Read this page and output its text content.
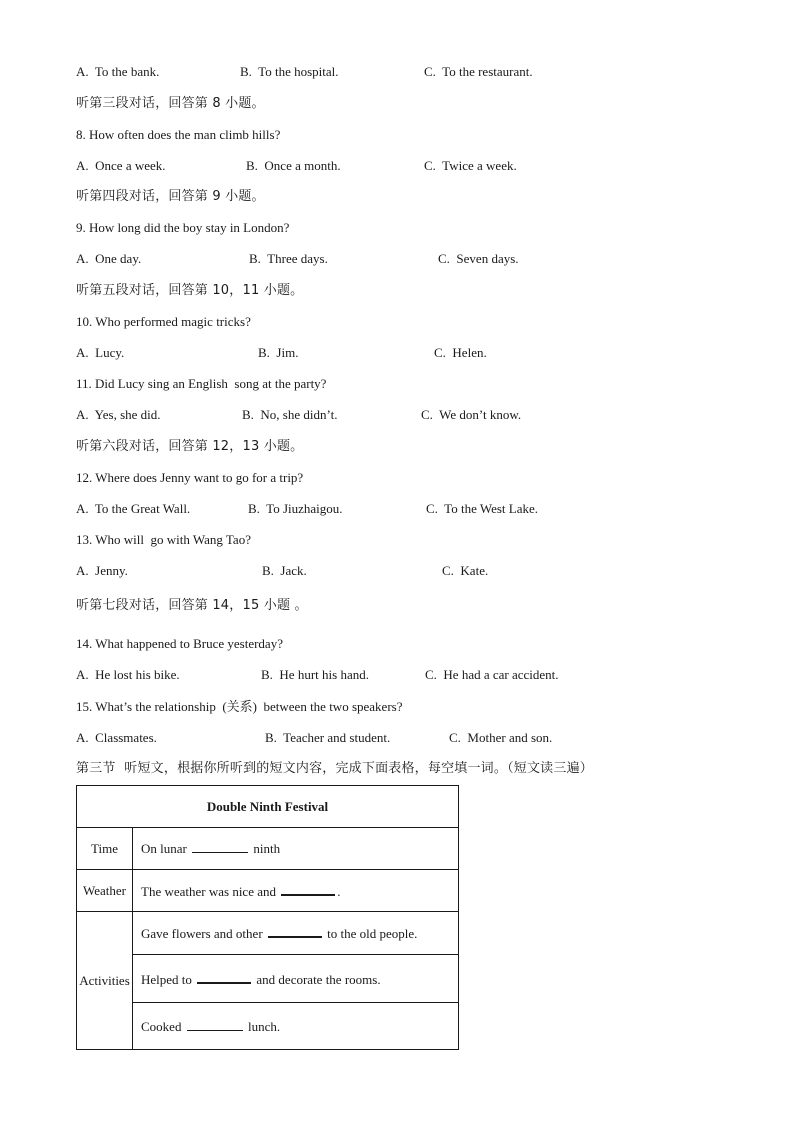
A.  To the bank.	B.  To the hospital.	C.  To the restaurant.
听第三段对话，回答第 8 小题。
8. How often does the man climb hills?
A.  Once a week.	B.  Once a month.	C.  Twice a week.
听第四段对话，回答第 9 小题。
9. How long did the boy stay in London?
A.  One day.	B.  Three days.	C.  Seven days.
听第五段对话，回答第 10，11 小题。
10. Who performed magic tricks?
A.  Lucy.	B.  Jim.	C.  Helen.
11. Did Lucy sing an English  song at the party?
A.  Yes, she did.	B.  No, she didn’t.	C.  We don’t know.
听第六段对话，回答第 12，13 小题。
12. Where does Jenny want to go for a trip?
A.  To the Great Wall.	B.  To Jiuzhaigou.	C.  To the West Lake.
13. Who will  go with Wang Tao?
A.  Jenny.	B.  Jack.	C.  Kate.
听第七段对话，回答第 14，15 小题 。
14. What happened to Bruce yesterday?
A.  He lost his bike.	B.  He hurt his hand.	C.  He had a car accident.
15. What’s the relationship  (关系)  between the two speakers?
A.  Classmates.	B.  Teacher and student.	C.  Mother and son.
第三节  听短文，根据你所听到的短文内容，完成下面表格，每空填一词。（短文读三遍）
Double Ninth Festival	
Time	On lunar ninth
Weather	The weather was nice and .
Activities	Gave flowers and other to the old people.
	Helped to and decorate the rooms.
	Cooked lunch.
